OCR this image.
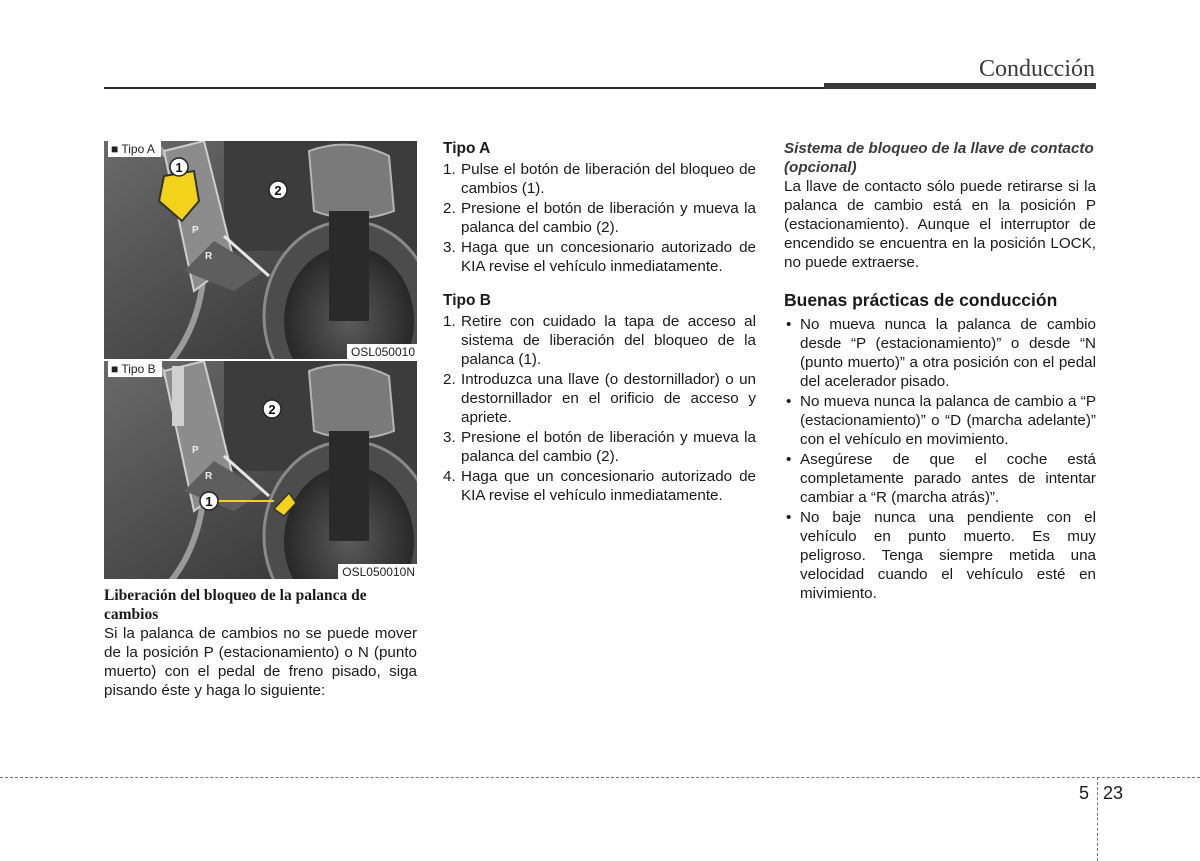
Conducción
1
2
P
R
■ Tipo A
OSL050010
1
2
P
R
■ Tipo B
OSL050010N
Liberación del bloqueo de la palanca de cambios
Si la palanca de cambios no se puede mover de la posición P (estacionamiento) o N (punto muerto) con el pedal de freno pisado, siga pisando éste y haga lo siguiente:
Tipo A
1. Pulse el botón de liberación del bloqueo de cambios (1).
2. Presione el botón de liberación y mueva la palanca del cambio (2).
3. Haga que un concesionario autorizado de KIA revise el vehículo inmediatamente.
Tipo B
1. Retire con cuidado la tapa de acceso al sistema de liberación del bloqueo de la palanca (1).
2. Introduzca una llave (o destornillador) o un destornillador en el orificio de acceso y apriete.
3. Presione el botón de liberación y mueva la palanca del cambio (2).
4. Haga que un concesionario autorizado de KIA revise el vehículo inmediatamente.
Sistema de bloqueo de la llave de contacto (opcional)
La llave de contacto sólo puede retirarse si la palanca de cambio está en la posición P (estacionamiento). Aunque el interruptor de encendido se encuentra en la posición LOCK, no puede extraerse.
Buenas prácticas de conducción
• No mueva nunca la palanca de cambio desde “P (estacionamiento)” o desde “N (punto muerto)” a otra posición con el pedal del acelerador pisado.
• No mueva nunca la palanca de cambio a “P (estacionamiento)” o “D (marcha adelante)” con el vehículo en movimiento.
• Asegúrese de que el coche está completamente parado antes de intentar cambiar a “R (marcha atrás)”.
• No baje nunca una pendiente con el vehículo en punto muerto. Es muy peligroso. Tenga siempre metida una velocidad cuando el vehículo esté en mivimiento.
5 23
